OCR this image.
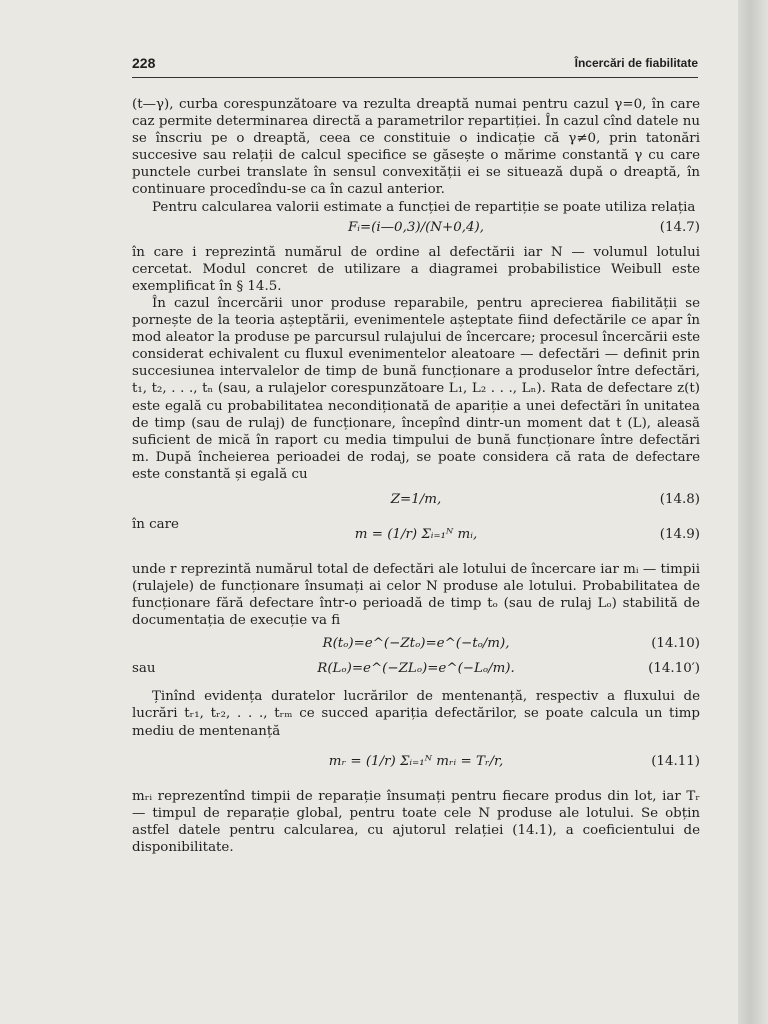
228	Încercări de fiabilitate

(t—γ), curba corespunzătoare va rezulta dreaptă numai pentru cazul γ=0, în care caz permite determinarea directă a parametrilor repartiției. În cazul cînd datele nu se înscriu pe o dreaptă, ceea ce constituie o indicație că γ≠0, prin tatonări succesive sau relații de calcul specifice se găsește o mărime constantă γ cu care punctele curbei translate în sensul convexității ei se situează după o dreaptă, în continuare procedîndu-se ca în cazul anterior.

Pentru calcularea valorii estimate a funcției de repartiție se poate utiliza relația

Fᵢ=(i—0,3)/(N+0,4),	(14.7)

în care i reprezintă numărul de ordine al defectării iar N — volumul lotului cercetat. Modul concret de utilizare a diagramei probabilistice Weibull este exemplificat în § 14.5.

În cazul încercării unor produse reparabile, pentru aprecierea fiabilității se pornește de la teoria așteptării, evenimentele așteptate fiind defectările ce apar în mod aleator la produse pe parcursul rulajului de încercare; procesul încercării este considerat echivalent cu fluxul evenimentelor aleatoare — defectări — definit prin succesiunea intervalelor de timp de bună funcționare a produselor între defectări, t₁, t₂, . . ., tₙ (sau, a rulajelor corespunzătoare L₁, L₂ . . ., Lₙ). Rata de defectare z(t) este egală cu probabilitatea necondiționată de apariție a unei defectări în unitatea de timp (sau de rulaj) de funcționare, începînd dintr-un moment dat t (L), aleasă suficient de mică în raport cu media timpului de bună funcționare între defectări m. După încheierea perioadei de rodaj, se poate considera că rata de defectare este constantă și egală cu

Z=1/m,	(14.8)
în care
m = (1/r) Σᵢ₌₁ᴺ mᵢ,	(14.9)

unde r reprezintă numărul total de defectări ale lotului de încercare iar mᵢ — timpii (rulajele) de funcționare însumați ai celor N produse ale lotului. Probabilitatea de funcționare fără defectare într-o perioadă de timp tₒ (sau de rulaj Lₒ) stabilită de documentația de execuție va fi

R(tₒ)=e^(−Ztₒ)=e^(−tₒ/m),	(14.10)
sau	R(Lₒ)=e^(−ZLₒ)=e^(−Lₒ/m).	(14.10′)

Ținînd evidența duratelor lucrărilor de mentenanță, respectiv a fluxului de lucrări tᵣ₁, tᵣ₂, . . ., tᵣₘ ce succed apariția defectărilor, se poate calcula un timp mediu de mentenanță

mᵣ = (1/r) Σᵢ₌₁ᴺ mᵣᵢ = Tᵣ/r,	(14.11)

mᵣᵢ reprezentînd timpii de reparație însumați pentru fiecare produs din lot, iar Tᵣ — timpul de reparație global, pentru toate cele N produse ale lotului. Se obțin astfel datele pentru calcularea, cu ajutorul relației (14.1), a coeficientului de disponibilitate.
